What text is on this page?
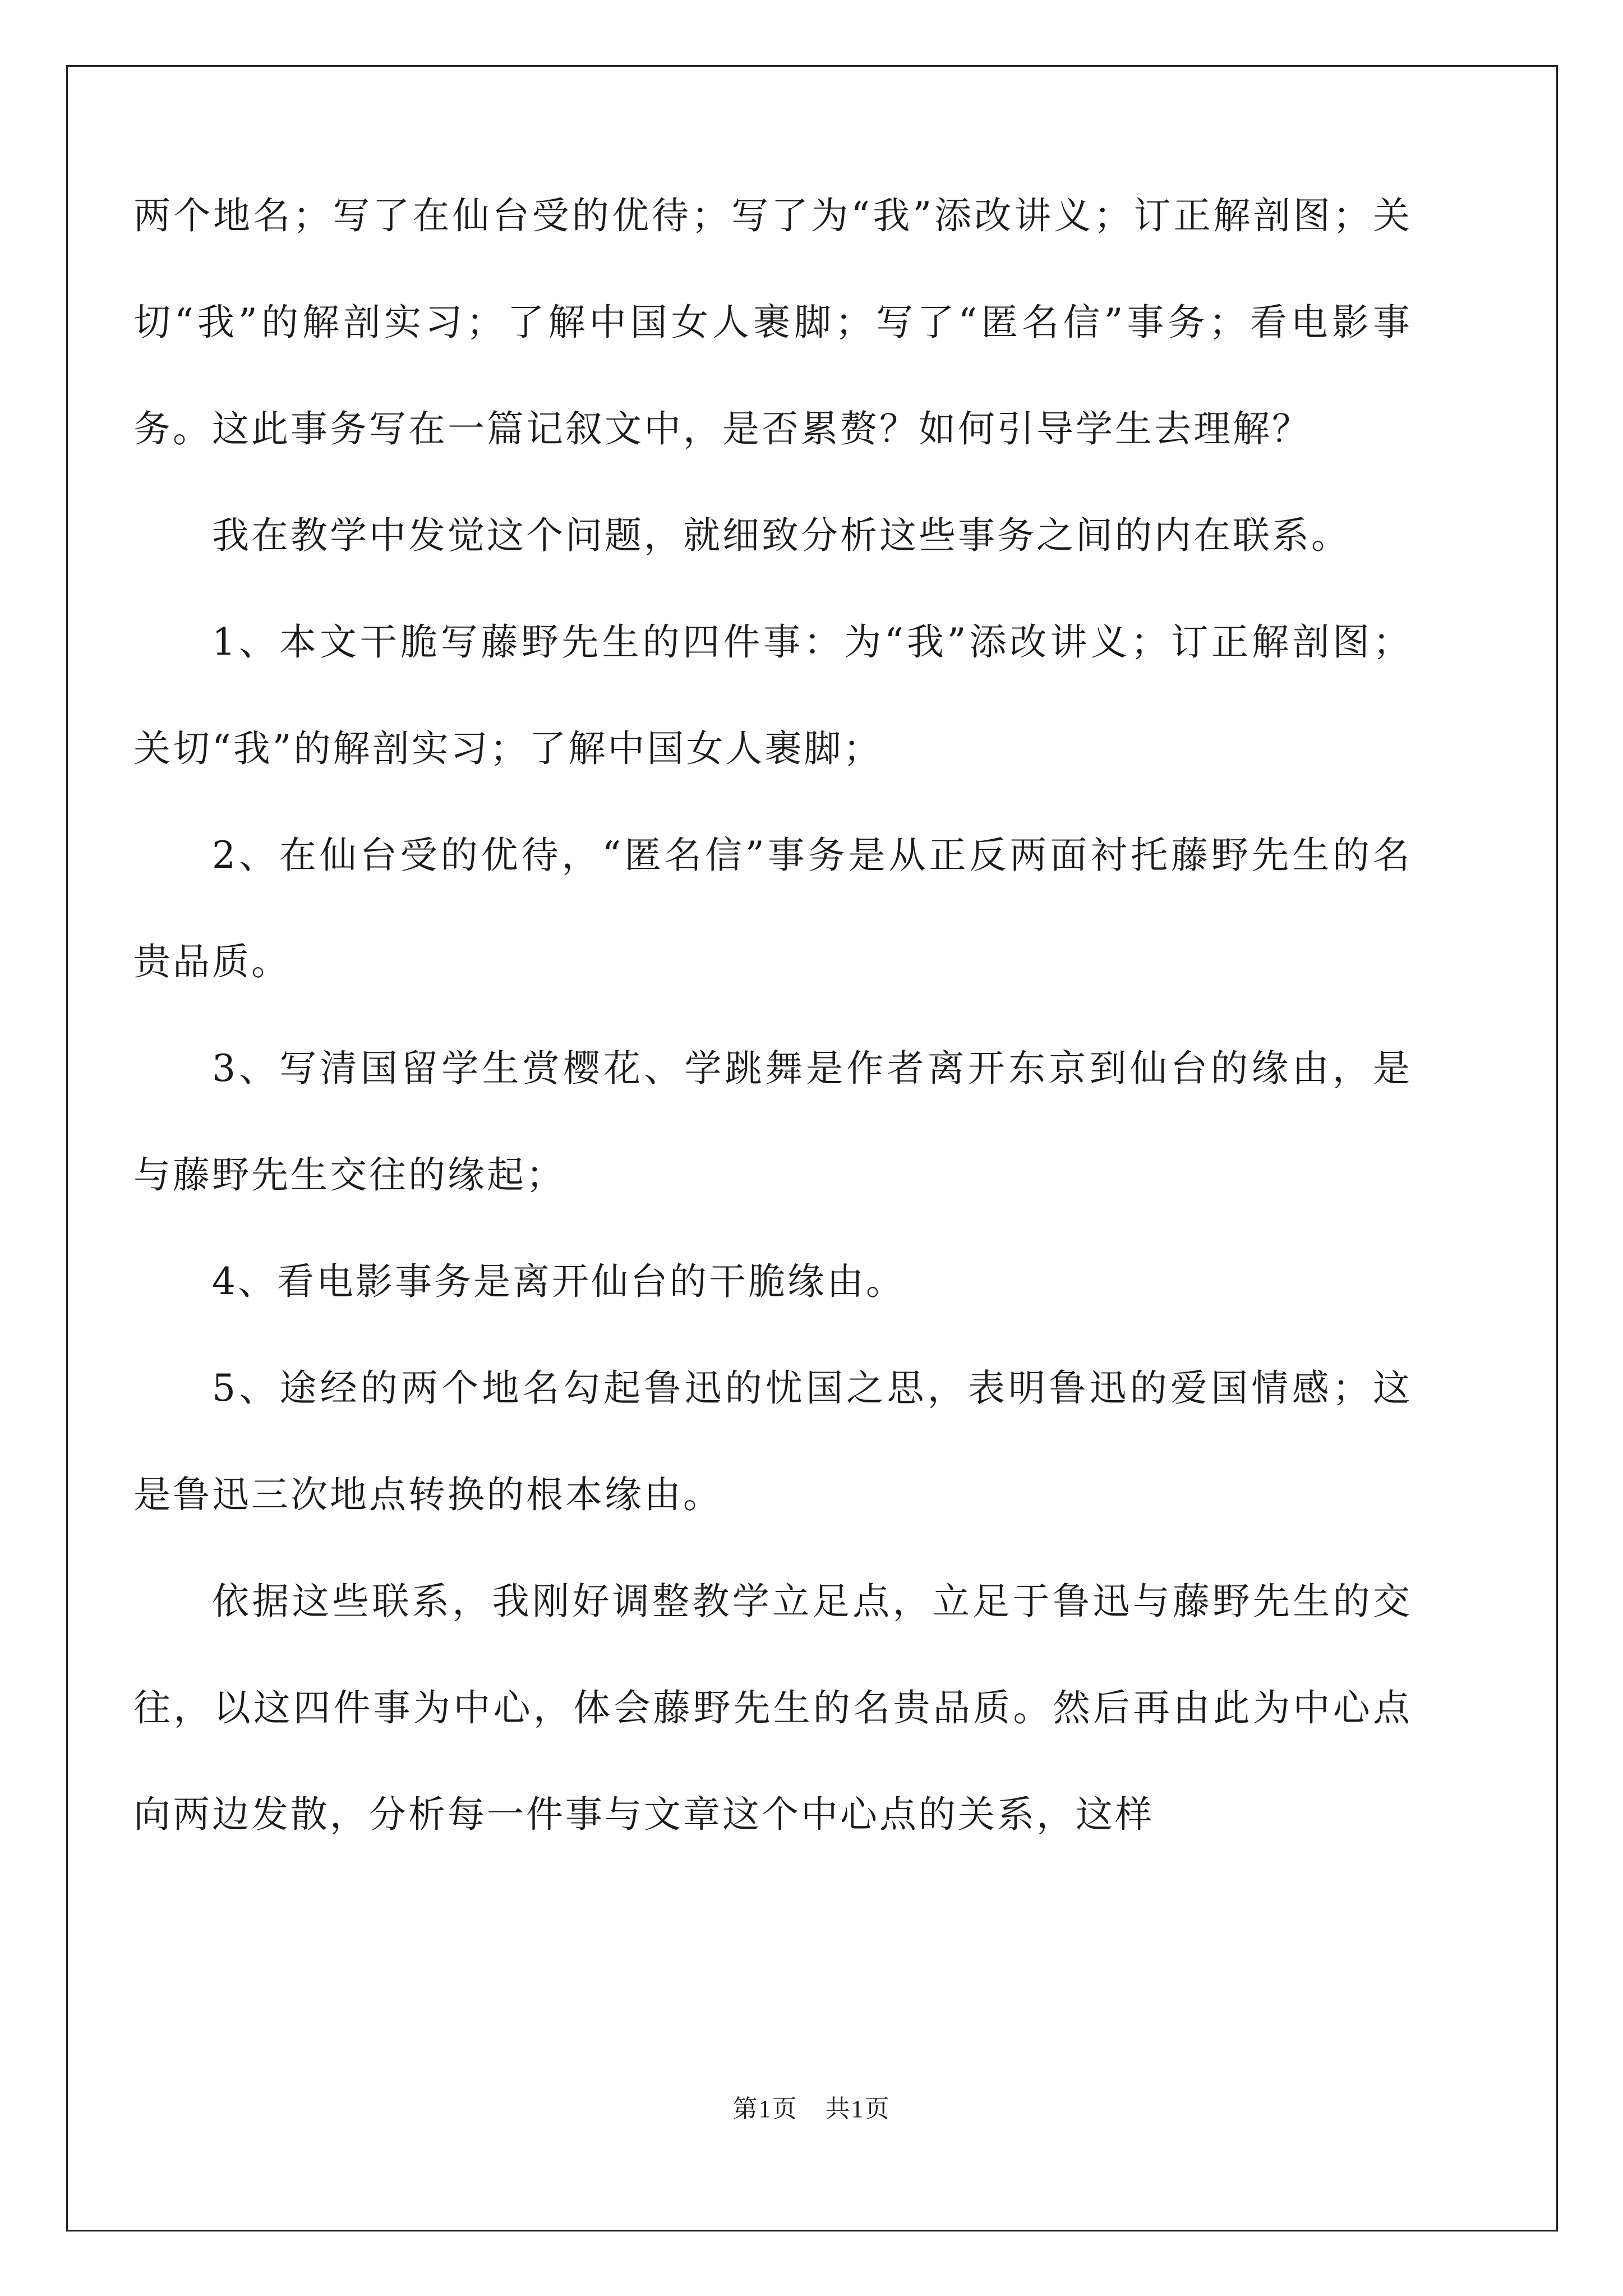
两个地名；写了在仙台受的优待；写了为“我”添改讲义；订正解剖图；关切“我”的解剖实习；了解中国女人裹脚；写了“匿名信”事务；看电影事务。这此事务写在一篇记叙文中，是否累赘？如何引导学生去理解？

我在教学中发觉这个问题，就细致分析这些事务之间的内在联系。

1、本文干脆写藤野先生的四件事：为“我”添改讲义；订正解剖图；关切“我”的解剖实习；了解中国女人裹脚；

2、在仙台受的优待，“匿名信”事务是从正反两面衬托藤野先生的名贵品质。

3、写清国留学生赏樱花、学跳舞是作者离开东京到仙台的缘由，是与藤野先生交往的缘起；

4、看电影事务是离开仙台的干脆缘由。

5、途经的两个地名勾起鲁迅的忧国之思，表明鲁迅的爱国情感；这是鲁迅三次地点转换的根本缘由。

依据这些联系，我刚好调整教学立足点，立足于鲁迅与藤野先生的交往，以这四件事为中心，体会藤野先生的名贵品质。然后再由此为中心点向两边发散，分析每一件事与文章这个中心点的关系，这样

第1页 共1页
